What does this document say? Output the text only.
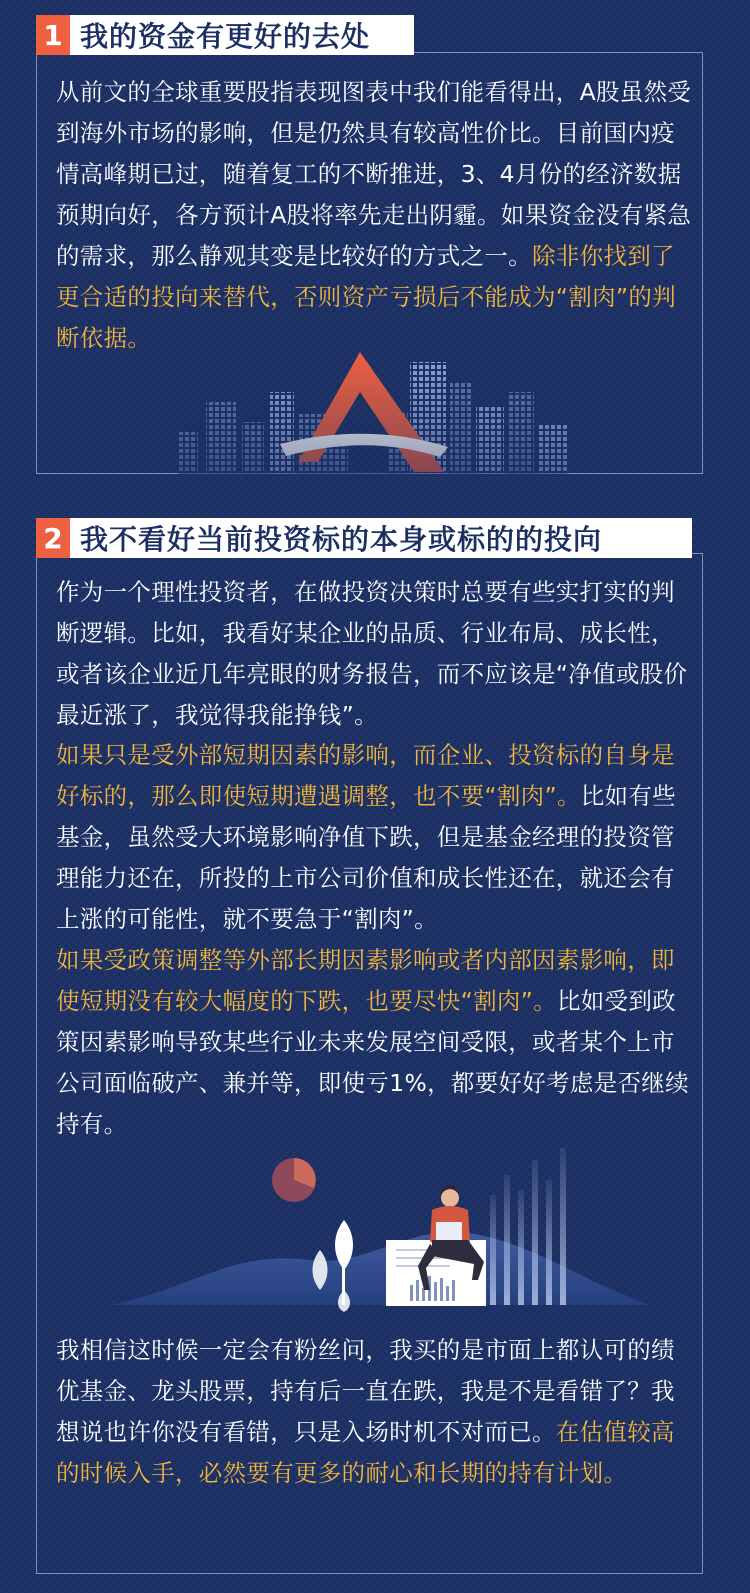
1 我的资金有更好的去处

从前文的全球重要股指表现图表中我们能看得出，A股虽然受到海外市场的影响，但是仍然具有较高性价比。目前国内疫情高峰期已过，随着复工的不断推进，3、4月份的经济数据预期向好，各方预计A股将率先走出阴霾。如果资金没有紧急的需求，那么静观其变是比较好的方式之一。除非你找到了更合适的投向来替代，否则资产亏损后不能成为“割肉”的判断依据。

2 我不看好当前投资标的本身或标的的投向

作为一个理性投资者，在做投资决策时总要有些实打实的判断逻辑。比如，我看好某企业的品质、行业布局、成长性，或者该企业近几年亮眼的财务报告，而不应该是“净值或股价最近涨了，我觉得我能挣钱”。

如果只是受外部短期因素的影响，而企业、投资标的自身是好标的，那么即使短期遭遇调整，也不要“割肉”。比如有些基金，虽然受大环境影响净值下跌，但是基金经理的投资管理能力还在，所投的上市公司价值和成长性还在，就还会有上涨的可能性，就不要急于“割肉”。

如果受政策调整等外部长期因素影响或者内部因素影响，即使短期没有较大幅度的下跌，也要尽快“割肉”。比如受到政策因素影响导致某些行业未来发展空间受限，或者某个上市公司面临破产、兼并等，即使亏1%，都要好好考虑是否继续持有。

我相信这时候一定会有粉丝问，我买的是市面上都认可的绩优基金、龙头股票，持有后一直在跌，我是不是看错了？我想说也许你没有看错，只是入场时机不对而已。在估值较高的时候入手，必然要有更多的耐心和长期的持有计划。
